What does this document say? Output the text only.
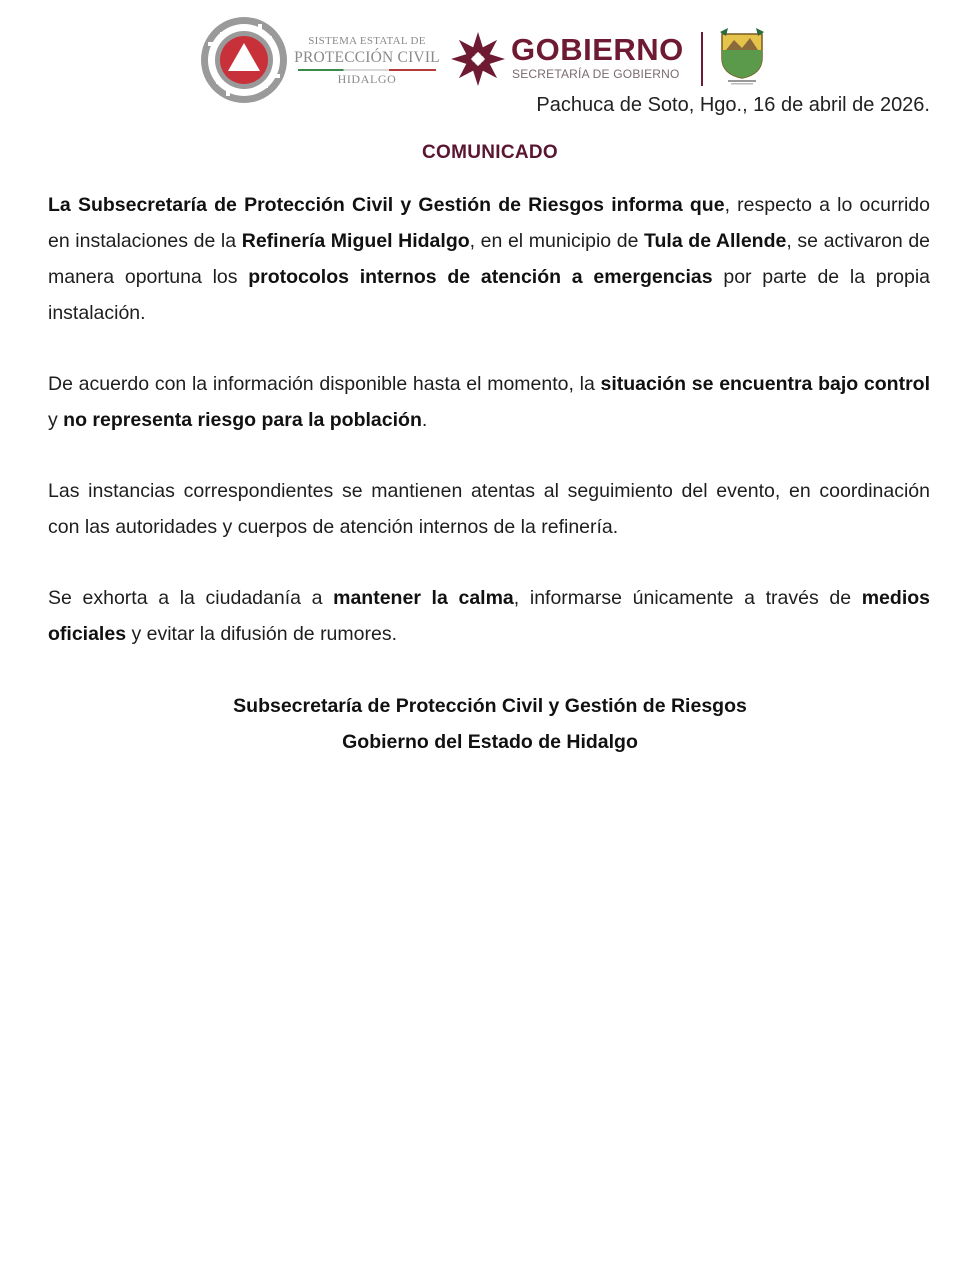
SISTEMA ESTATAL DE
PROTECCIÓN CIVIL
HIDALGO
GOBIERNO
SECRETARÍA DE GOBIERNO
Pachuca de Soto, Hgo., 16 de abril de 2026.
COMUNICADO

La Subsecretaría de Protección Civil y Gestión de Riesgos informa que, respecto a lo ocurrido en instalaciones de la Refinería Miguel Hidalgo, en el municipio de Tula de Allende, se activaron de manera oportuna los protocolos internos de atención a emergencias por parte de la propia instalación.

De acuerdo con la información disponible hasta el momento, la situación se encuentra bajo control y no representa riesgo para la población.

Las instancias correspondientes se mantienen atentas al seguimiento del evento, en coordinación con las autoridades y cuerpos de atención internos de la refinería.

Se exhorta a la ciudadanía a mantener la calma, informarse únicamente a través de medios oficiales y evitar la difusión de rumores.

Subsecretaría de Protección Civil y Gestión de Riesgos
Gobierno del Estado de Hidalgo
